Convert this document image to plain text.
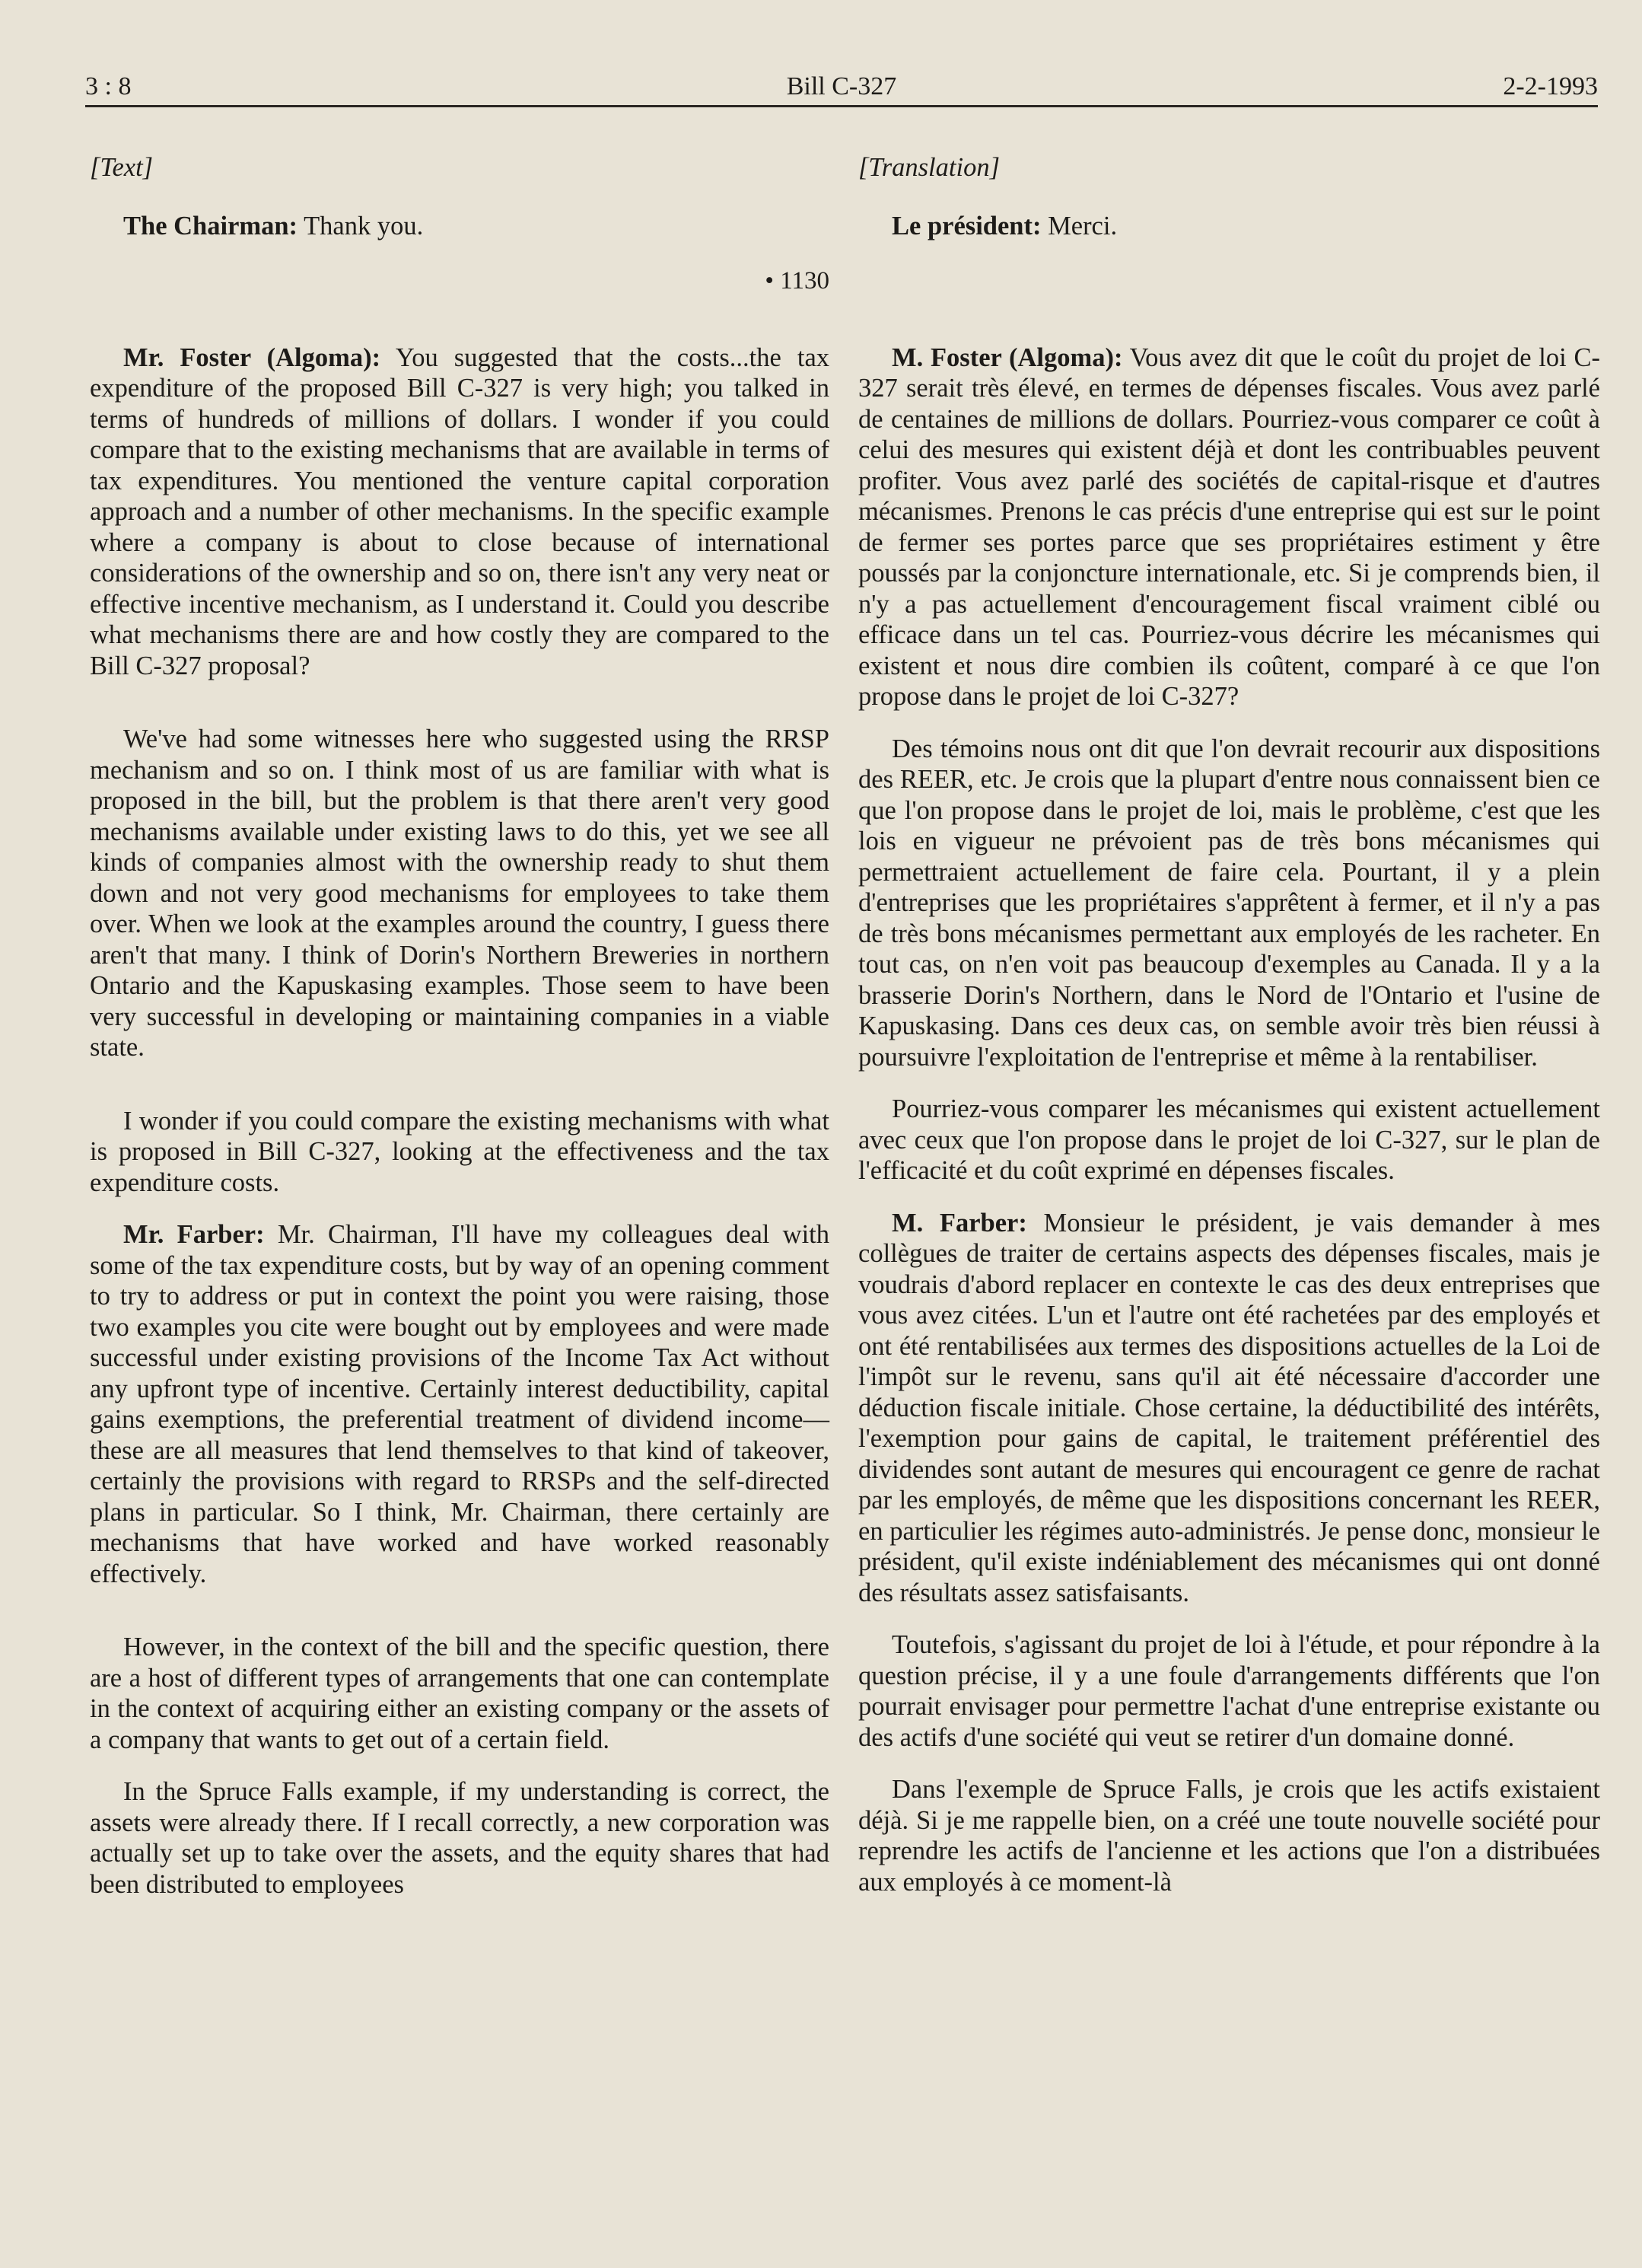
3 : 8	Bill C-327	2-2-1993

[Text]

The Chairman: Thank you.

• 1130

Mr. Foster (Algoma): You suggested that the costs...the tax expenditure of the proposed Bill C-327 is very high; you talked in terms of hundreds of millions of dollars. I wonder if you could compare that to the existing mechanisms that are available in terms of tax expenditures. You mentioned the venture capital corporation approach and a number of other mechanisms. In the specific example where a company is about to close because of international considerations of the ownership and so on, there isn't any very neat or effective incentive mechanism, as I understand it. Could you describe what mechanisms there are and how costly they are compared to the Bill C-327 proposal?

We've had some witnesses here who suggested using the RRSP mechanism and so on. I think most of us are familiar with what is proposed in the bill, but the problem is that there aren't very good mechanisms available under existing laws to do this, yet we see all kinds of companies almost with the ownership ready to shut them down and not very good mechanisms for employees to take them over. When we look at the examples around the country, I guess there aren't that many. I think of Dorin's Northern Breweries in northern Ontario and the Kapuskasing examples. Those seem to have been very successful in developing or maintaining companies in a viable state.

I wonder if you could compare the existing mechanisms with what is proposed in Bill C-327, looking at the effectiveness and the tax expenditure costs.

Mr. Farber: Mr. Chairman, I'll have my colleagues deal with some of the tax expenditure costs, but by way of an opening comment to try to address or put in context the point you were raising, those two examples you cite were bought out by employees and were made successful under existing provisions of the Income Tax Act without any upfront type of incentive. Certainly interest deductibility, capital gains exemptions, the preferential treatment of dividend income—these are all measures that lend themselves to that kind of takeover, certainly the provisions with regard to RRSPs and the self-directed plans in particular. So I think, Mr. Chairman, there certainly are mechanisms that have worked and have worked reasonably effectively.

However, in the context of the bill and the specific question, there are a host of different types of arrangements that one can contemplate in the context of acquiring either an existing company or the assets of a company that wants to get out of a certain field.

In the Spruce Falls example, if my understanding is correct, the assets were already there. If I recall correctly, a new corporation was actually set up to take over the assets, and the equity shares that had been distributed to employees

[Translation]

Le président: Merci.

M. Foster (Algoma): Vous avez dit que le coût du projet de loi C-327 serait très élevé, en termes de dépenses fiscales. Vous avez parlé de centaines de millions de dollars. Pourriez-vous comparer ce coût à celui des mesures qui existent déjà et dont les contribuables peuvent profiter. Vous avez parlé des sociétés de capital-risque et d'autres mécanismes. Prenons le cas précis d'une entreprise qui est sur le point de fermer ses portes parce que ses propriétaires estiment y être poussés par la conjoncture internationale, etc. Si je comprends bien, il n'y a pas actuellement d'encouragement fiscal vraiment ciblé ou efficace dans un tel cas. Pourriez-vous décrire les mécanismes qui existent et nous dire combien ils coûtent, comparé à ce que l'on propose dans le projet de loi C-327?

Des témoins nous ont dit que l'on devrait recourir aux dispositions des REER, etc. Je crois que la plupart d'entre nous connaissent bien ce que l'on propose dans le projet de loi, mais le problème, c'est que les lois en vigueur ne prévoient pas de très bons mécanismes qui permettraient actuellement de faire cela. Pourtant, il y a plein d'entreprises que les propriétaires s'apprêtent à fermer, et il n'y a pas de très bons mécanismes permettant aux employés de les racheter. En tout cas, on n'en voit pas beaucoup d'exemples au Canada. Il y a la brasserie Dorin's Northern, dans le Nord de l'Ontario et l'usine de Kapuskasing. Dans ces deux cas, on semble avoir très bien réussi à poursuivre l'exploitation de l'entreprise et même à la rentabiliser.

Pourriez-vous comparer les mécanismes qui existent actuellement avec ceux que l'on propose dans le projet de loi C-327, sur le plan de l'efficacité et du coût exprimé en dépenses fiscales.

M. Farber: Monsieur le président, je vais demander à mes collègues de traiter de certains aspects des dépenses fiscales, mais je voudrais d'abord replacer en contexte le cas des deux entreprises que vous avez citées. L'un et l'autre ont été rachetées par des employés et ont été rentabilisées aux termes des dispositions actuelles de la Loi de l'impôt sur le revenu, sans qu'il ait été nécessaire d'accorder une déduction fiscale initiale. Chose certaine, la déductibilité des intérêts, l'exemption pour gains de capital, le traitement préférentiel des dividendes sont autant de mesures qui encouragent ce genre de rachat par les employés, de même que les dispositions concernant les REER, en particulier les régimes auto-administrés. Je pense donc, monsieur le président, qu'il existe indéniablement des mécanismes qui ont donné des résultats assez satisfaisants.

Toutefois, s'agissant du projet de loi à l'étude, et pour répondre à la question précise, il y a une foule d'arrangements différents que l'on pourrait envisager pour permettre l'achat d'une entreprise existante ou des actifs d'une société qui veut se retirer d'un domaine donné.

Dans l'exemple de Spruce Falls, je crois que les actifs existaient déjà. Si je me rappelle bien, on a créé une toute nouvelle société pour reprendre les actifs de l'ancienne et les actions que l'on a distribuées aux employés à ce moment-là
